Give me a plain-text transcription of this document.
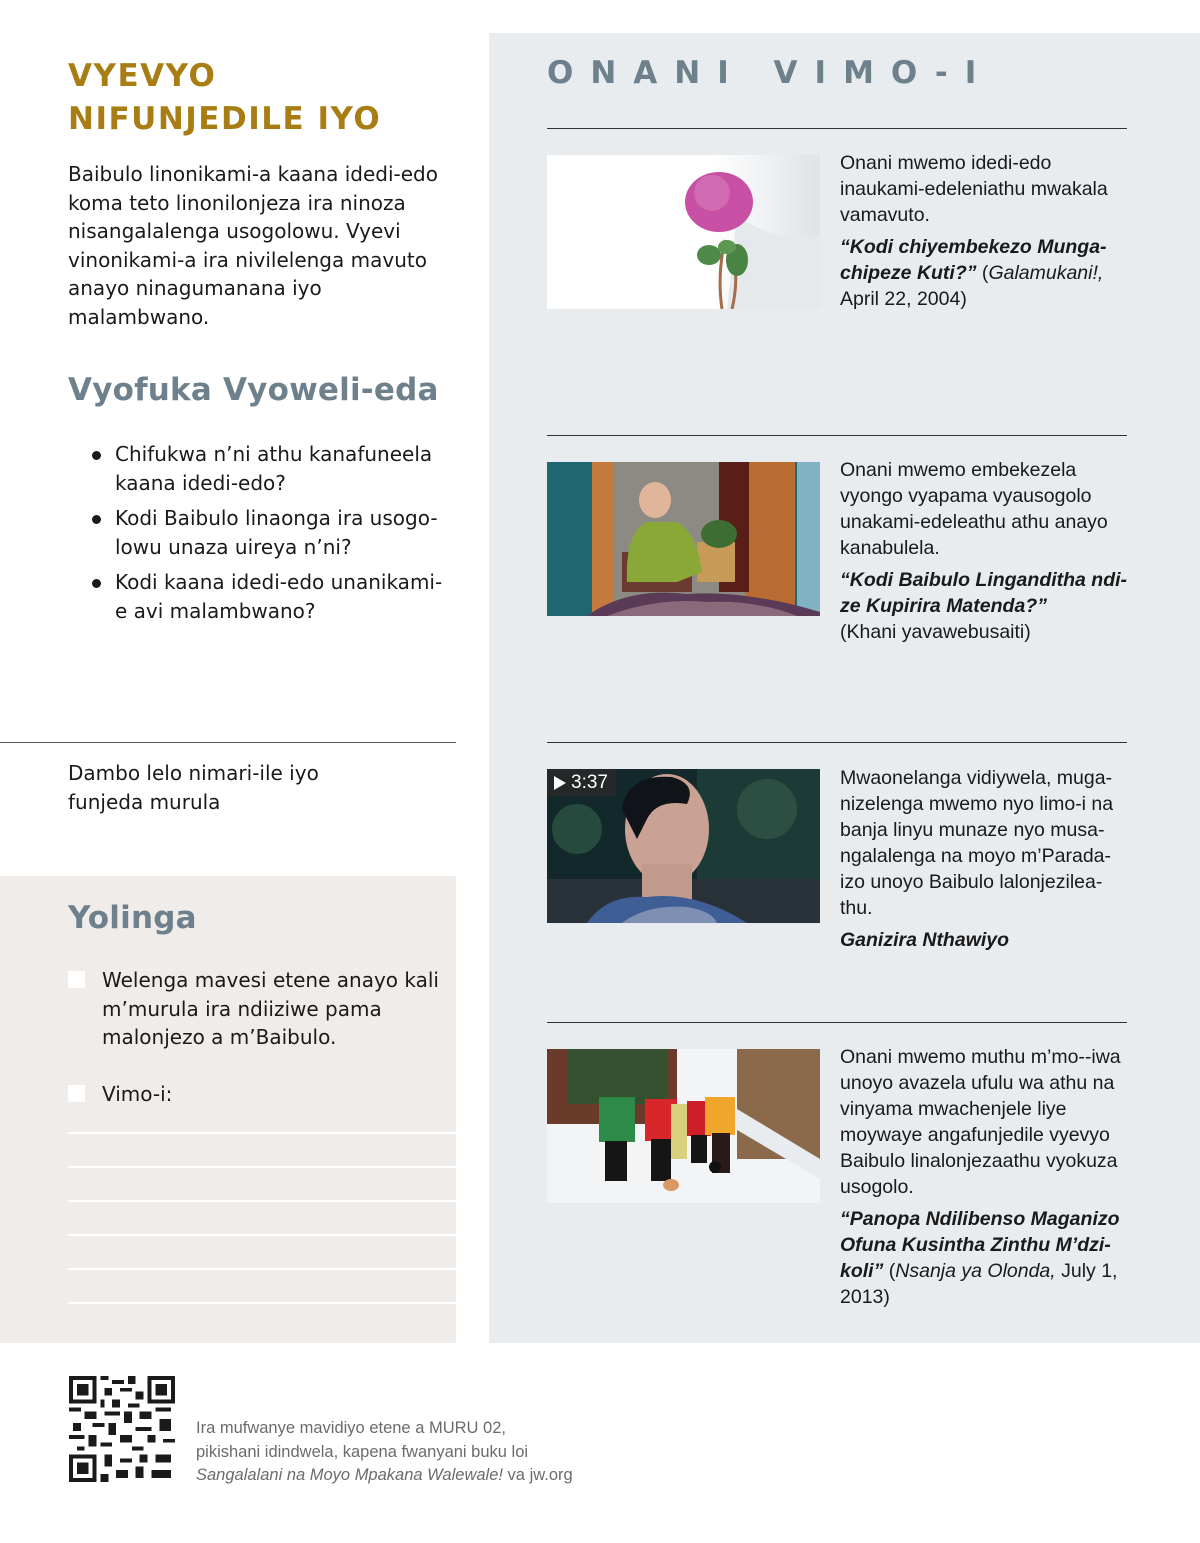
VYEVYO
NIFUNJEDILE IYO

Baibulo linonikami-a kaana idedi-edo koma teto linonilonjeza ira ninoza nisangalalenga usogolowu. Vyevi vinonikami-a ira nivilelenga mavuto anayo ninagumanana iyo malambwano.

Vyofuka Vyoweli-eda
Chifukwa n’ni athu kanafuneela kaana idedi-edo?
Kodi Baibulo linaonga ira usogo-lowu unaza uireya n’ni?
Kodi kaana idedi-edo unanikami-e avi malambwano?

Dambo lelo nimari-ile iyo funjeda murula

Yolinga
Welenga mavesi etene anayo kali m’murula ira ndiiziwe pama malonjezo a m’Baibulo.
Vimo-i:
ONANI VIMO-I

Onani mwemo idedi-edo inaukami-edeleniathu mwakala vamavuto.

“Kodi chiyembekezo Munga-chipeze Kuti?” (Galamukani!, April 22, 2004)

Onani mwemo embekezela vyongo vyapama vyausogolo unakami-edeleathu athu anayo kanabulela.

“Kodi Baibulo Linganditha ndi-ze Kupirira Matenda?”
(Khani yavawebusaiti)

3:37	Mwaonelanga vidiywela, muga-nizelenga mwemo nyo limo-i na banja linyu munaze nyo musa-ngalalenga na moyo m’Parada-izo unoyo Baibulo lalonjezilea-thu.

Ganizira Nthawiyo

Onani mwemo muthu m’mo--iwa unoyo avazela ufulu wa athu na vinyama mwachenjele liye moywaye angafunjedile vyevyo Baibulo linalonjezaathu vyokuza usogolo.

“Panopa Ndilibenso Maganizo Ofuna Kusintha Zinthu M’dzi-koli” (Nsanja ya Olonda, July 1, 2013)

Ira mufwanye mavidiyo etene a MURU 02,
pikishani idindwela, kapena fwanyani buku loi
Sangalalani na Moyo Mpakana Walewale! va jw.org
